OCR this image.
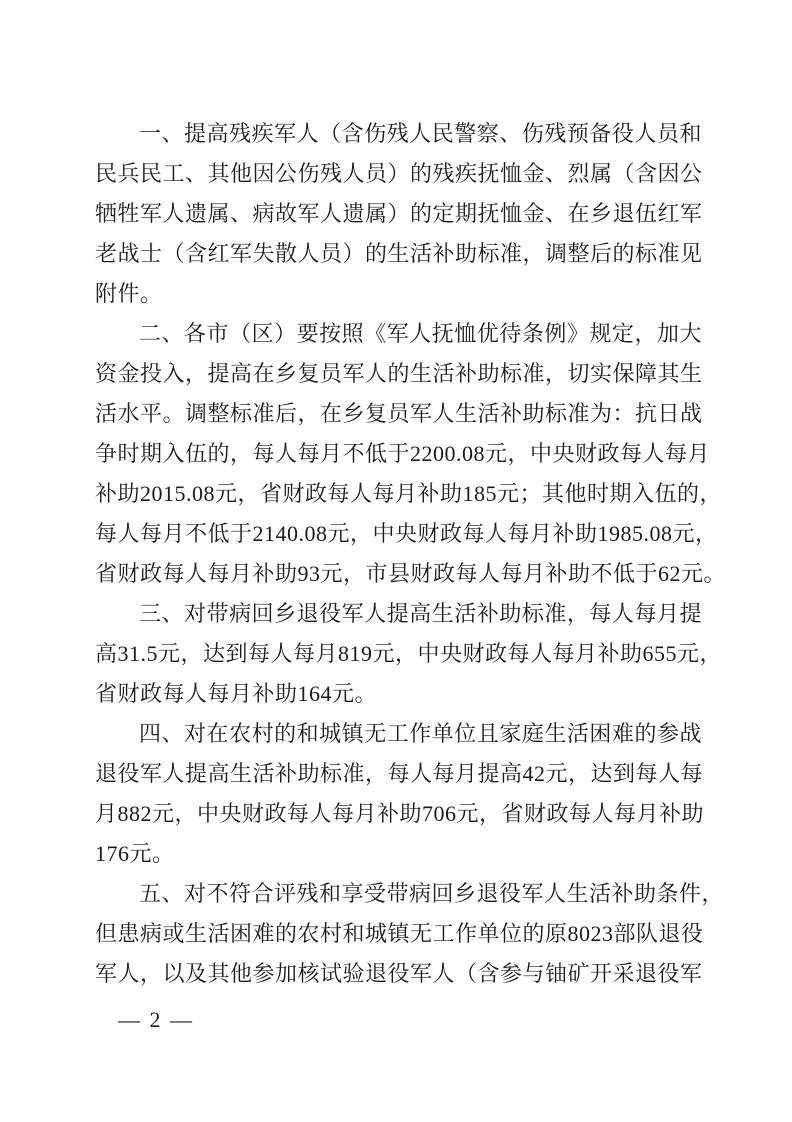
一、提高残疾军人（含伤残人民警察、伤残预备役人员和
民兵民工、其他因公伤残人员）的残疾抚恤金、烈属（含因公
牺牲军人遗属、病故军人遗属）的定期抚恤金、在乡退伍红军
老战士（含红军失散人员）的生活补助标准，调整后的标准见
附件。
二、各市（区）要按照《军人抚恤优待条例》规定，加大
资金投入，提高在乡复员军人的生活补助标准，切实保障其生
活水平。调整标准后，在乡复员军人生活补助标准为：抗日战
争时期入伍的，每人每月不低于2200.08元，中央财政每人每月
补助2015.08元，省财政每人每月补助185元；其他时期入伍的，
每人每月不低于2140.08元，中央财政每人每月补助1985.08元，
省财政每人每月补助93元，市县财政每人每月补助不低于62元。
三、对带病回乡退役军人提高生活补助标准，每人每月提
高31.5元，达到每人每月819元，中央财政每人每月补助655元，
省财政每人每月补助164元。
四、对在农村的和城镇无工作单位且家庭生活困难的参战
退役军人提高生活补助标准，每人每月提高42元，达到每人每
月882元，中央财政每人每月补助706元，省财政每人每月补助
176元。
五、对不符合评残和享受带病回乡退役军人生活补助条件，
但患病或生活困难的农村和城镇无工作单位的原8023部队退役
军人，以及其他参加核试验退役军人（含参与铀矿开采退役军
— 2 —
